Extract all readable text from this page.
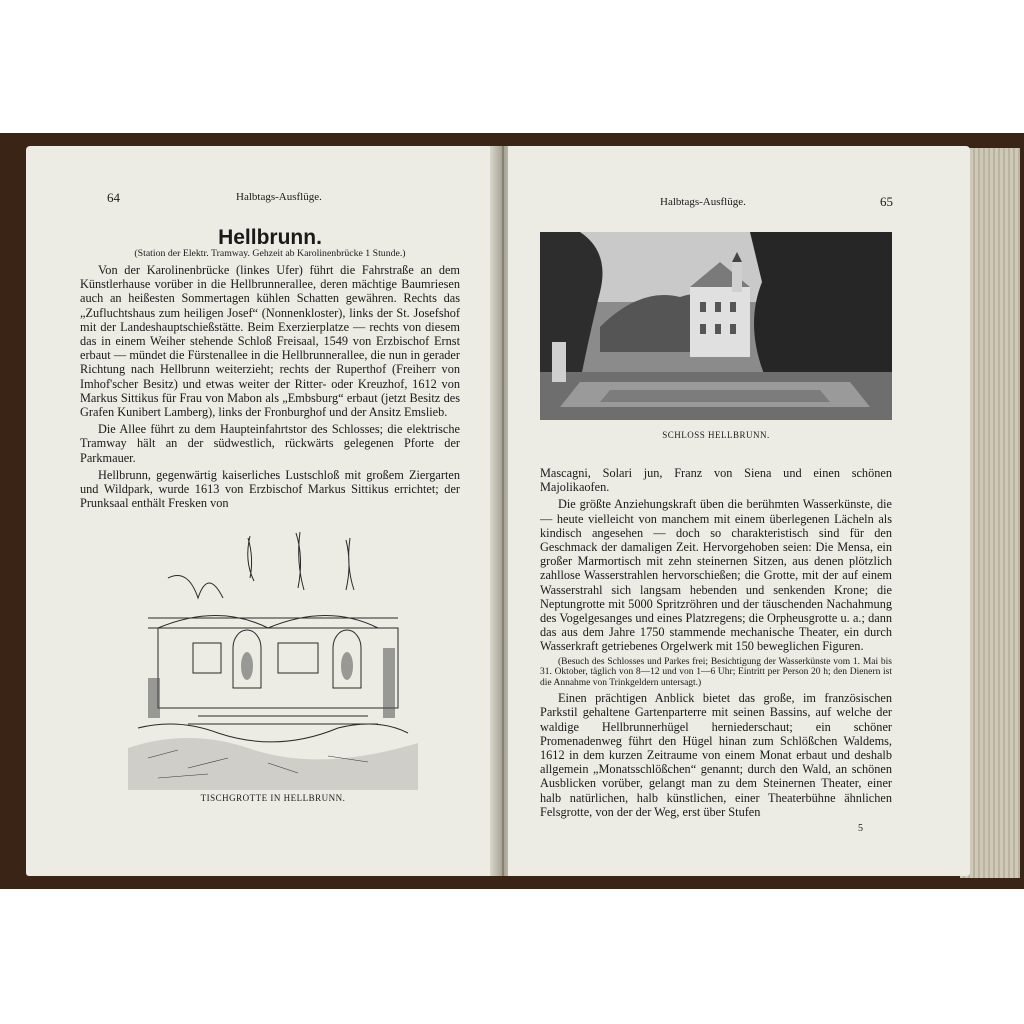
64	Halbtags-Ausflüge.
Hellbrunn.
(Station der Elektr. Tramway. Gehzeit ab Karolinenbrücke 1 Stunde.)

Von der Karolinenbrücke (linkes Ufer) führt die Fahrstraße an dem Künstlerhause vorüber in die Hellbrunnerallee, deren mächtige Baumriesen auch an heißesten Sommertagen kühlen Schatten gewähren. Rechts das „Zufluchtshaus zum heiligen Josef“ (Nonnenkloster), links der St. Josefshof mit der Landeshauptschießstätte. Beim Exerzierplatze — rechts von diesem das in einem Weiher stehende Schloß Freisaal, 1549 von Erzbischof Ernst erbaut — mündet die Fürstenallee in die Hellbrunnerallee, die nun in gerader Richtung nach Hellbrunn weiterzieht; rechts der Ruperthof (Freiherr von Imhof'scher Besitz) und etwas weiter der Ritter- oder Kreuzhof, 1612 von Markus Sittikus für Frau von Mabon als „Embsburg“ erbaut (jetzt Besitz des Grafen Kunibert Lamberg), links der Fronburghof und der Ansitz Emslieb.

Die Allee führt zu dem Haupteinfahrtstor des Schlosses; die elektrische Tramway hält an der südwestlich, rückwärts gelegenen Pforte der Parkmauer.

Hellbrunn, gegenwärtig kaiserliches Lustschloß mit großem Ziergarten und Wildpark, wurde 1613 von Erzbischof Markus Sittikus errichtet; der Prunksaal enthält Fresken von

TISCHGROTTE IN HELLBRUNN.
Halbtags-Ausflüge.	65
SCHLOSS HELLBRUNN.

Mascagni, Solari jun, Franz von Siena und einen schönen Majolikaofen.

Die größte Anziehungskraft üben die berühmten Wasserkünste, die — heute vielleicht von manchem mit einem überlegenen Lächeln als kindisch angesehen — doch so charakteristisch sind für den Geschmack der damaligen Zeit. Hervorgehoben seien: Die Mensa, ein großer Marmortisch mit zehn steinernen Sitzen, aus denen plötzlich zahllose Wasserstrahlen hervorschießen; die Grotte, mit der auf einem Wasserstrahl sich langsam hebenden und senkenden Krone; die Neptungrotte mit 5000 Spritzröhren und der täuschenden Nachahmung des Vogelgesanges und eines Platzregens; die Orpheusgrotte u. a.; dann das aus dem Jahre 1750 stammende mechanische Theater, ein durch Wasserkraft getriebenes Orgelwerk mit 150 beweglichen Figuren.

(Besuch des Schlosses und Parkes frei; Besichtigung der Wasserkünste vom 1. Mai bis 31. Oktober, täglich von 8—12 und von 1—6 Uhr; Eintritt per Person 20 h; den Dienern ist die Annahme von Trinkgeldern untersagt.)

Einen prächtigen Anblick bietet das große, im französischen Parkstil gehaltene Gartenparterre mit seinen Bassins, auf welche der waldige Hellbrunnerhügel herniederschaut; ein schöner Promenadenweg führt den Hügel hinan zum Schlößchen Waldems, 1612 in dem kurzen Zeitraume von einem Monat erbaut und deshalb allgemein „Monatsschlößchen“ genannt; durch den Wald, an schönen Ausblicken vorüber, gelangt man zu dem Steinernen Theater, einer halb natürlichen, halb künstlichen, einer Theaterbühne ähnlichen Felsgrotte, von der der Weg, erst über Stufen

5
